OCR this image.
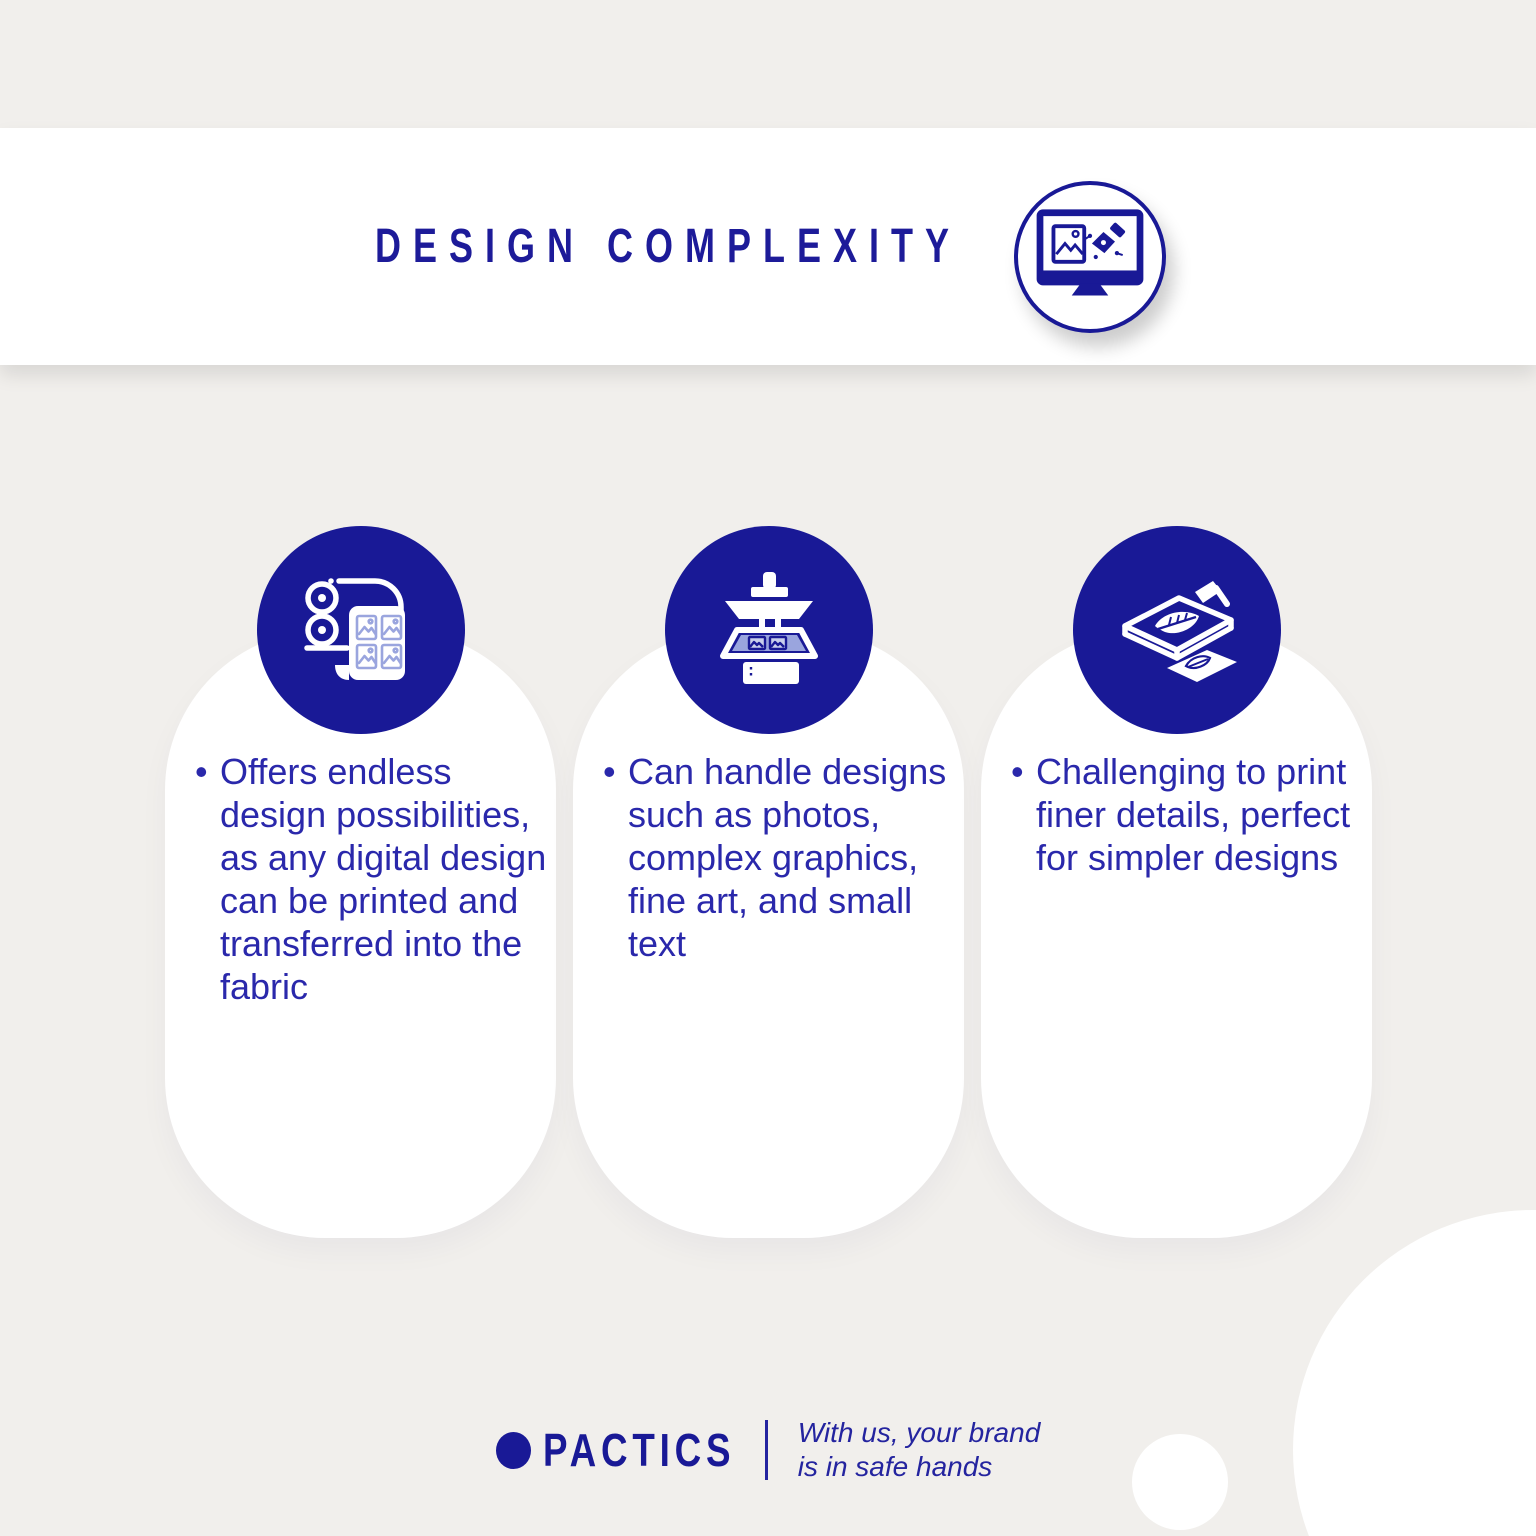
DESIGN COMPLEXITY
• Offers endless design possibilities, as any digital design can be printed and transferred into the fabric
• Can handle designs such as photos, complex graphics, fine art, and small text
• Challenging to print finer details, perfect for simpler designs
PACTICS With us, your brand
is in safe hands
